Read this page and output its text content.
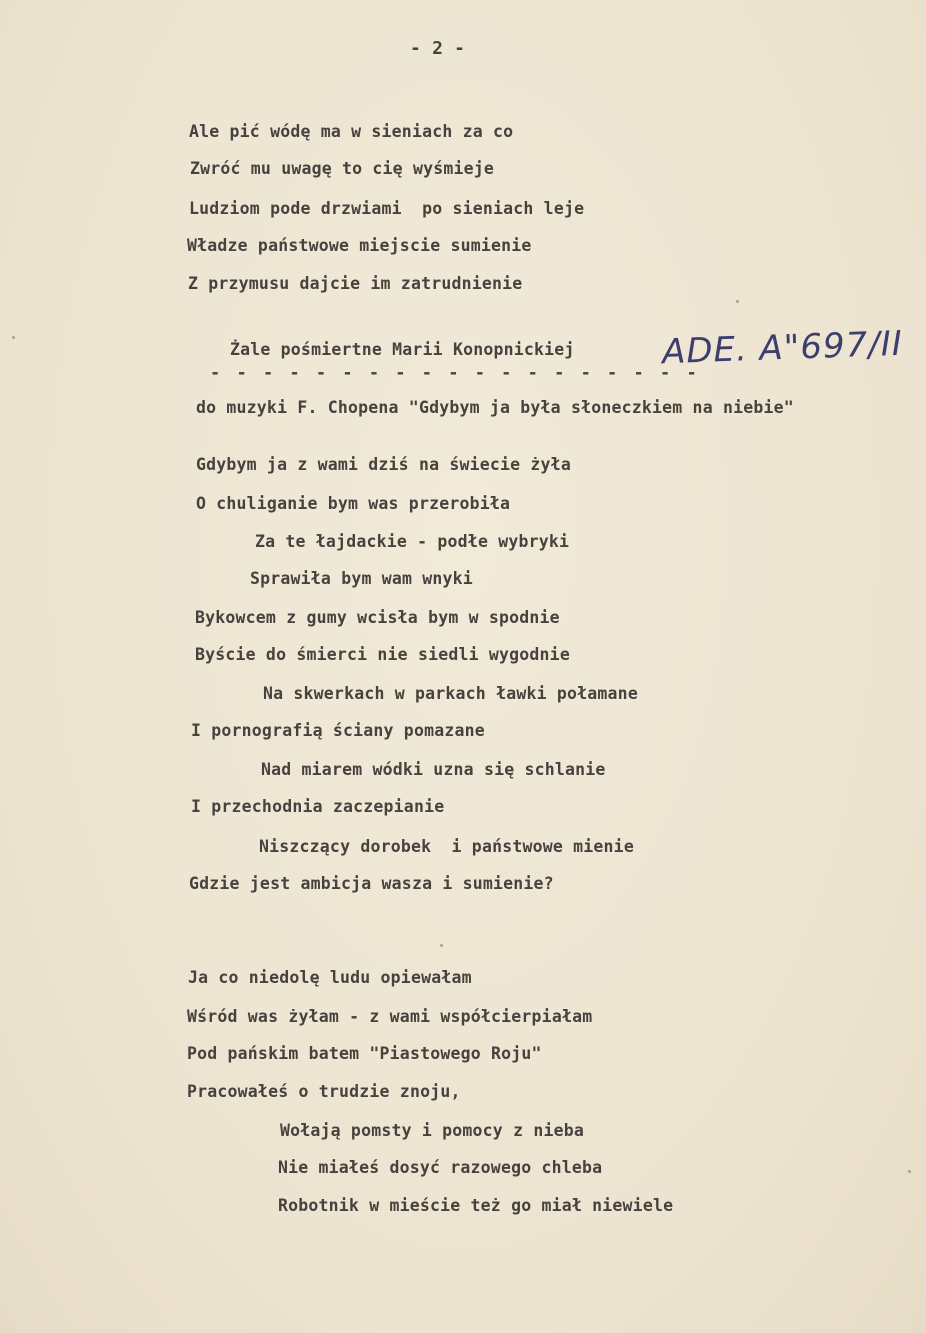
- 2 -
Ale pić wódę ma w sieniach za co
Zwróć mu uwagę to cię wyśmieje
Ludziom pode drzwiami  po sieniach leje
Władze państwowe miejscie sumienie
Z przymusu dajcie im zatrudnienie
Żale pośmiertne Marii Konopnickiej
- - - - - - - - - - - - - - - - - - -
ADE. A"697/II
do muzyki F. Chopena "Gdybym ja była słoneczkiem na niebie"
Gdybym ja z wami dziś na świecie żyła
O chuliganie bym was przerobiła
Za te łajdackie - podłe wybryki
Sprawiła bym wam wnyki
Bykowcem z gumy wcisła bym w spodnie
Byście do śmierci nie siedli wygodnie
Na skwerkach w parkach ławki połamane
I pornografią ściany pomazane
Nad miarem wódki uzna się schlanie
I przechodnia zaczepianie
Niszczący dorobek  i państwowe mienie
Gdzie jest ambicja wasza i sumienie?
Ja co niedolę ludu opiewałam
Wśród was żyłam - z wami współcierpiałam
Pod pańskim batem "Piastowego Roju"
Pracowałeś o trudzie znoju,
Wołają pomsty i pomocy z nieba
Nie miałeś dosyć razowego chleba
Robotnik w mieście też go miał niewiele
